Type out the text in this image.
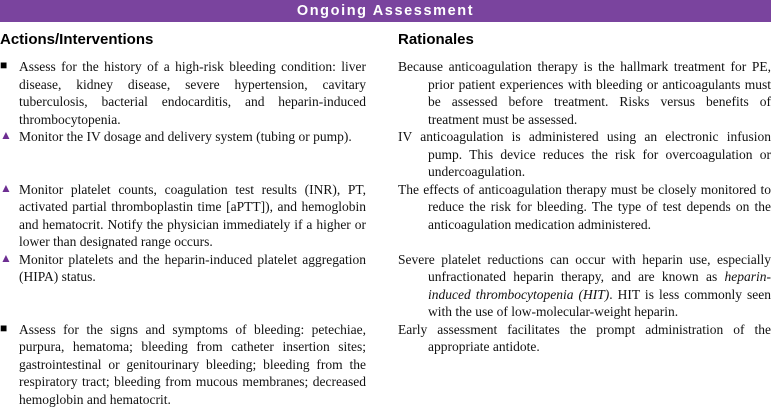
Ongoing Assessment
Actions/Interventions	Rationales

■ Assess for the history of a high-risk bleeding condition: liver disease, kidney disease, severe hypertension, cavitary tuberculosis, bacterial endocarditis, and heparin-induced thrombocytopenia.

Because anticoagulation therapy is the hallmark treatment for PE, prior patient experiences with bleeding or anticoagulants must be assessed before treatment. Risks versus benefits of treatment must be assessed.

▲ Monitor the IV dosage and delivery system (tubing or pump).	IV anticoagulation is administered using an electronic infusion pump. This device reduces the risk for overcoagulation or undercoagulation.

▲ Monitor platelet counts, coagulation test results (INR), PT, activated partial thromboplastin time [aPTT]), and hemoglobin and hematocrit. Notify the physician immediately if a higher or lower than designated range occurs.

The effects of anticoagulation therapy must be closely monitored to reduce the risk for bleeding. The type of test depends on the anticoagulation medication administered.

▲ Monitor platelets and the heparin-induced platelet aggregation (HIPA) status.

Severe platelet reductions can occur with heparin use, especially unfractionated heparin therapy, and are known as heparin-induced thrombocytopenia (HIT). HIT is less commonly seen with the use of low-molecular-weight heparin.

■ Assess for the signs and symptoms of bleeding: petechiae, purpura, hematoma; bleeding from catheter insertion sites; gastrointestinal or genitourinary bleeding; bleeding from the respiratory tract; bleeding from mucous membranes; decreased hemoglobin and hematocrit.

Early assessment facilitates the prompt administration of the appropriate antidote.
